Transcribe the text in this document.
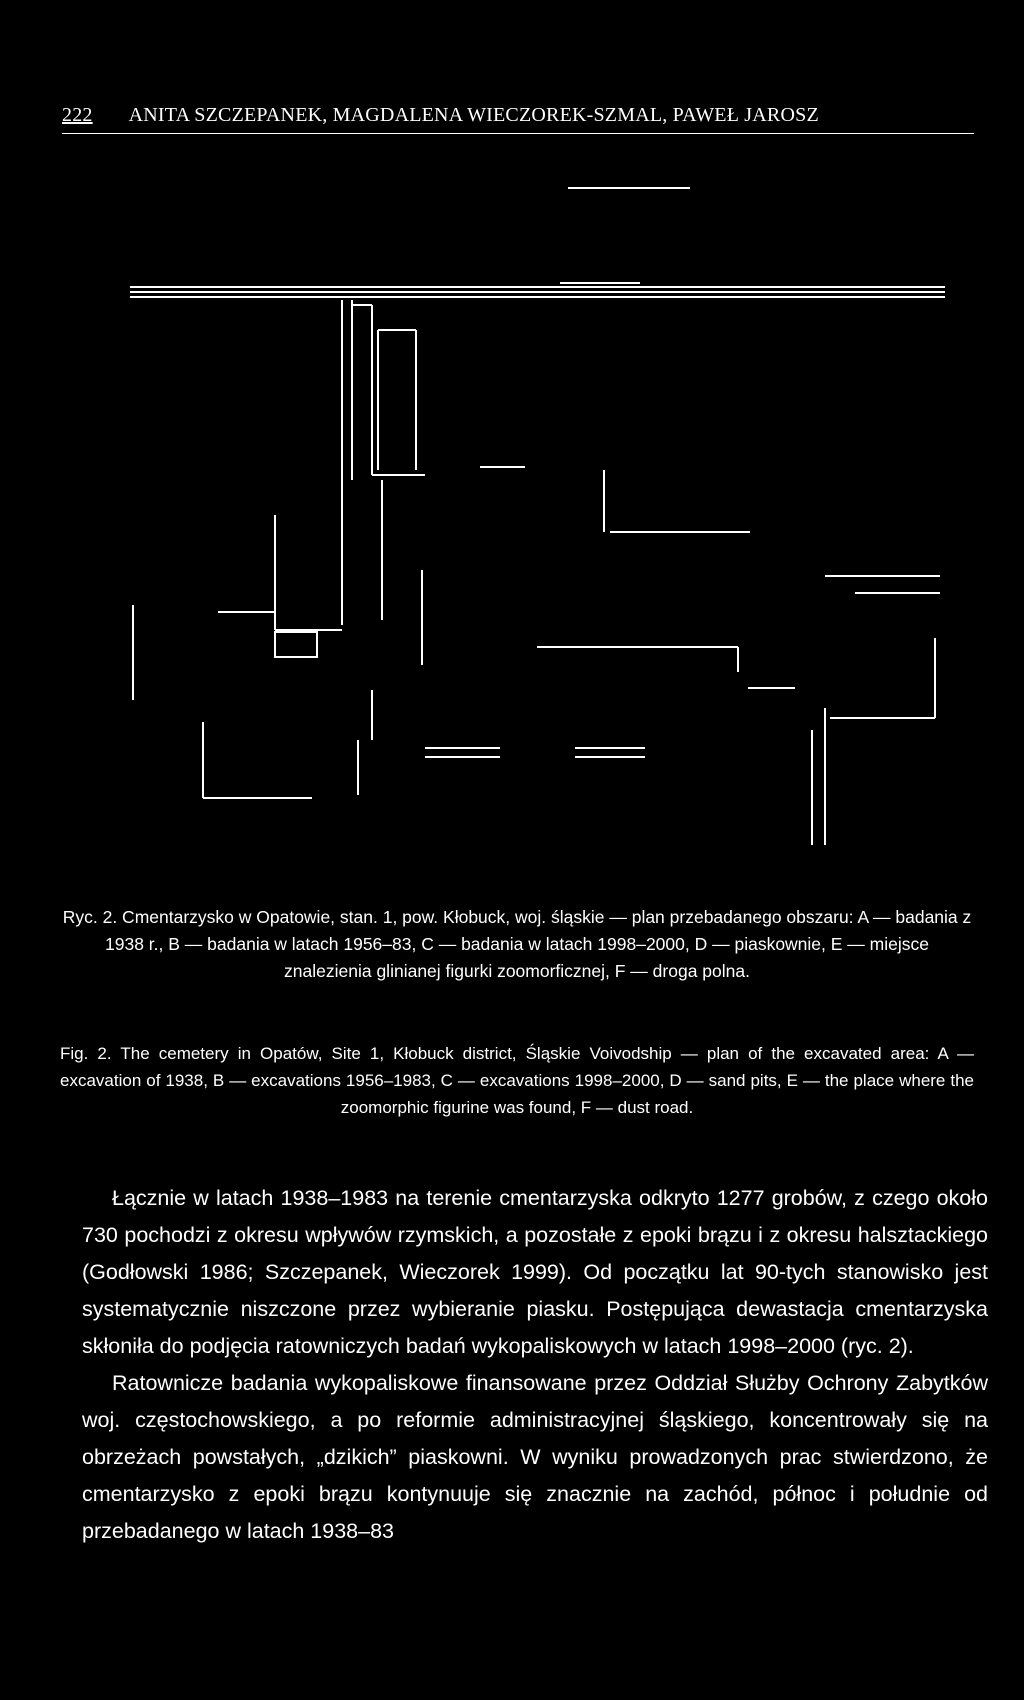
222 ANITA SZCZEPANEK, MAGDALENA WIECZOREK-SZMAL, PAWEŁ JAROSZ
Ryc. 2. Cmentarzysko w Opatowie, stan. 1, pow. Kłobuck, woj. śląskie — plan przebadanego obszaru: A — badania z 1938 r., B — badania w latach 1956–83, C — badania w latach 1998–2000, D — piaskownie, E — miejsce znalezienia glinianej figurki zoomorficznej, F — droga polna.
Fig. 2. The cemetery in Opatów, Site 1, Kłobuck district, Śląskie Voivodship — plan of the excavated area: A — excavation of 1938, B — excavations 1956–1983, C — excavations 1998–2000, D — sand pits, E — the place where the zoomorphic figurine was found, F — dust road.

Łącznie w latach 1938–1983 na terenie cmentarzyska odkryto 1277 grobów, z czego około 730 pochodzi z okresu wpływów rzymskich, a pozostałe z epoki brązu i z okresu halsztackiego (Godłowski 1986; Szczepanek, Wieczorek 1999). Od początku lat 90-tych stanowisko jest systematycznie niszczone przez wybieranie piasku. Postępująca dewastacja cmentarzyska skłoniła do podjęcia ratowniczych badań wykopaliskowych w latach 1998–2000 (ryc. 2).

Ratownicze badania wykopaliskowe finansowane przez Oddział Służby Ochrony Zabytków woj. częstochowskiego, a po reformie administracyjnej śląskiego, koncentrowały się na obrzeżach powstałych, „dzikich” piaskowni. W wyniku prowadzonych prac stwierdzono, że cmentarzysko z epoki brązu kontynuuje się znacznie na zachód, północ i południe od przebadanego w latach 1938–83
